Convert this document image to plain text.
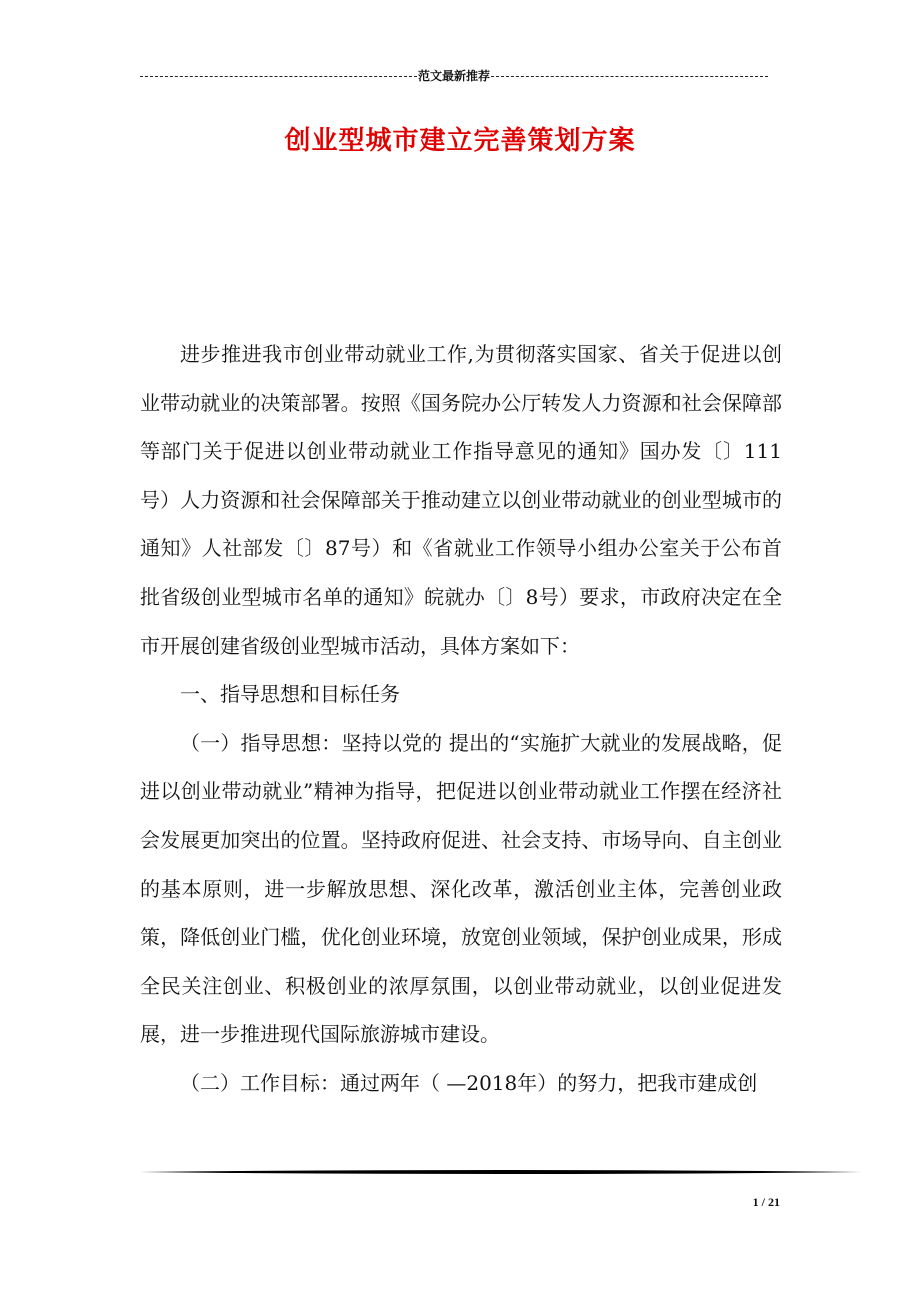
范文最新推荐
创业型城市建立完善策划方案

进步推进我市创业带动就业工作,为贯彻落实国家、省关于促进以创业带动就业的决策部署。按照《国务院办公厅转发人力资源和社会保障部等部门关于促进以创业带动就业工作指导意见的通知》国办发〔〕111号）人力资源和社会保障部关于推动建立以创业带动就业的创业型城市的通知》人社部发〔〕87号）和《省就业工作领导小组办公室关于公布首批省级创业型城市名单的通知》皖就办〔〕8号）要求，市政府决定在全市开展创建省级创业型城市活动，具体方案如下：

一、指导思想和目标任务

（一）指导思想：坚持以党的 提出的“实施扩大就业的发展战略，促进以创业带动就业”精神为指导，把促进以创业带动就业工作摆在经济社会发展更加突出的位置。坚持政府促进、社会支持、市场导向、自主创业的基本原则，进一步解放思想、深化改革，激活创业主体，完善创业政策，降低创业门槛，优化创业环境，放宽创业领域，保护创业成果，形成全民关注创业、积极创业的浓厚氛围，以创业带动就业，以创业促进发展，进一步推进现代国际旅游城市建设。

（二）工作目标：通过两年（ —2018年）的努力，把我市建成创

1 / 21
